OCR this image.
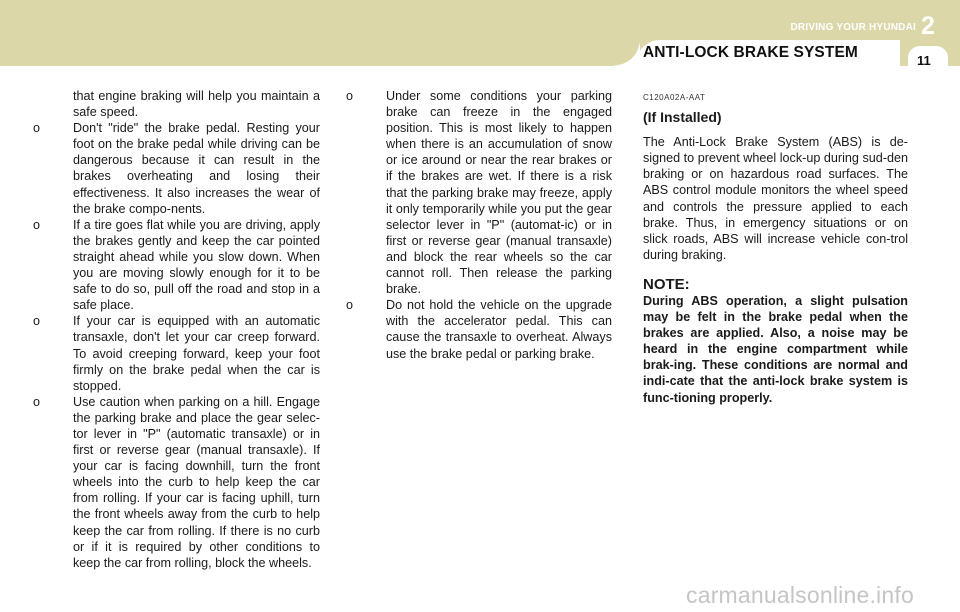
ANTI-LOCK BRAKE SYSTEM
DRIVING YOUR HYUNDAI 2
11

that engine braking will help you maintain a safe speed.

o	Don't "ride" the brake pedal. Resting your foot on the brake pedal while driving can be dangerous because it can result in the brakes overheating and losing their effectiveness. It also increases the wear of the brake compo-nents.
o	If a tire goes flat while you are driving, apply the brakes gently and keep the car pointed straight ahead while you slow down. When you are moving slowly enough for it to be safe to do so, pull off the road and stop in a safe place.
o	If your car is equipped with an automatic transaxle, don't let your car creep forward. To avoid creeping forward, keep your foot firmly on the brake pedal when the car is stopped.
o	Use caution when parking on a hill. Engage the parking brake and place the gear selec-tor lever in "P" (automatic transaxle) or in first or reverse gear (manual transaxle). If your car is facing downhill, turn the front wheels into the curb to help keep the car from rolling. If your car is facing uphill, turn the front wheels away from the curb to help keep the car from rolling. If there is no curb or if it is required by other conditions to keep the car from rolling, block the wheels.
o	Under some conditions your parking brake can freeze in the engaged position. This is most likely to happen when there is an accumulation of snow or ice around or near the rear brakes or if the brakes are wet. If there is a risk that the parking brake may freeze, apply it only temporarily while you put the gear selector lever in "P" (automat-ic) or in first or reverse gear (manual transaxle) and block the rear wheels so the car cannot roll. Then release the parking brake.
o	Do not hold the vehicle on the upgrade with the accelerator pedal. This can cause the transaxle to overheat. Always use the brake pedal or parking brake.
C120A02A-AAT
(If Installed)

The Anti-Lock Brake System (ABS) is de-signed to prevent wheel lock-up during sud-den braking or on hazardous road surfaces. The ABS control module monitors the wheel speed and controls the pressure applied to each brake. Thus, in emergency situations or on slick roads, ABS will increase vehicle con-trol during braking.

NOTE:

During ABS operation, a slight pulsation may be felt in the brake pedal when the brakes are applied. Also, a noise may be heard in the engine compartment while brak-ing. These conditions are normal and indi-cate that the anti-lock brake system is func-tioning properly.

carmanualsonline.info
